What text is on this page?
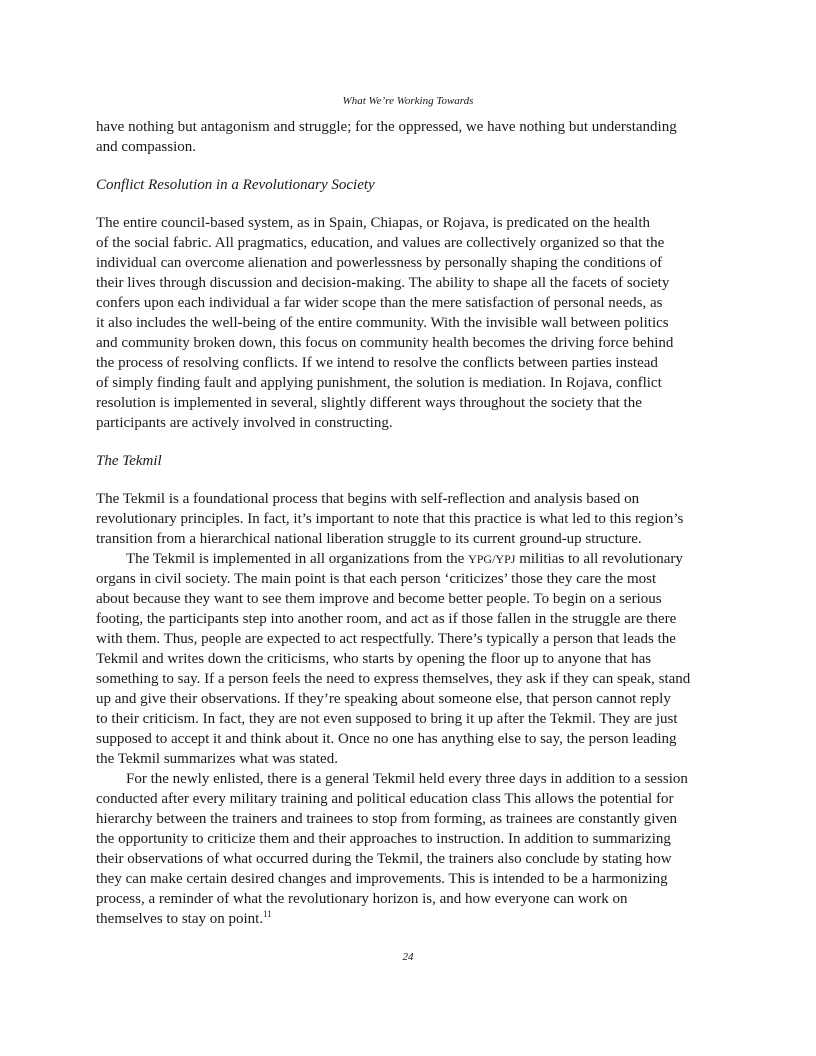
What We’re Working Towards
have nothing but antagonism and struggle; for the oppressed, we have nothing but understanding
and compassion.
Conflict Resolution in a Revolutionary Society
The entire council-based system, as in Spain, Chiapas, or Rojava, is predicated on the health
of the social fabric. All pragmatics, education, and values are collectively organized so that the
individual can overcome alienation and powerlessness by personally shaping the conditions of
their lives through discussion and decision-making. The ability to shape all the facets of society
confers upon each individual a far wider scope than the mere satisfaction of personal needs, as
it also includes the well-being of the entire community. With the invisible wall between politics
and community broken down, this focus on community health becomes the driving force behind
the process of resolving conflicts. If we intend to resolve the conflicts between parties instead
of simply finding fault and applying punishment, the solution is mediation. In Rojava, conflict
resolution is implemented in several, slightly different ways throughout the society that the
participants are actively involved in constructing.
The Tekmil
The Tekmil is a foundational process that begins with self-reflection and analysis based on
revolutionary principles. In fact, it’s important to note that this practice is what led to this region’s
transition from a hierarchical national liberation struggle to its current ground-up structure.
The Tekmil is implemented in all organizations from the YPG/YPJ militias to all revolutionary
organs in civil society. The main point is that each person ‘criticizes’ those they care the most
about because they want to see them improve and become better people. To begin on a serious
footing, the participants step into another room, and act as if those fallen in the struggle are there
with them. Thus, people are expected to act respectfully. There’s typically a person that leads the
Tekmil and writes down the criticisms, who starts by opening the floor up to anyone that has
something to say. If a person feels the need to express themselves, they ask if they can speak, stand
up and give their observations. If they’re speaking about someone else, that person cannot reply
to their criticism. In fact, they are not even supposed to bring it up after the Tekmil. They are just
supposed to accept it and think about it. Once no one has anything else to say, the person leading
the Tekmil summarizes what was stated.
For the newly enlisted, there is a general Tekmil held every three days in addition to a session
conducted after every military training and political education class This allows the potential for
hierarchy between the trainers and trainees to stop from forming, as trainees are constantly given
the opportunity to criticize them and their approaches to instruction. In addition to summarizing
their observations of what occurred during the Tekmil, the trainers also conclude by stating how
they can make certain desired changes and improvements. This is intended to be a harmonizing
process, a reminder of what the revolutionary horizon is, and how everyone can work on
themselves to stay on point.$^{11}$
24
